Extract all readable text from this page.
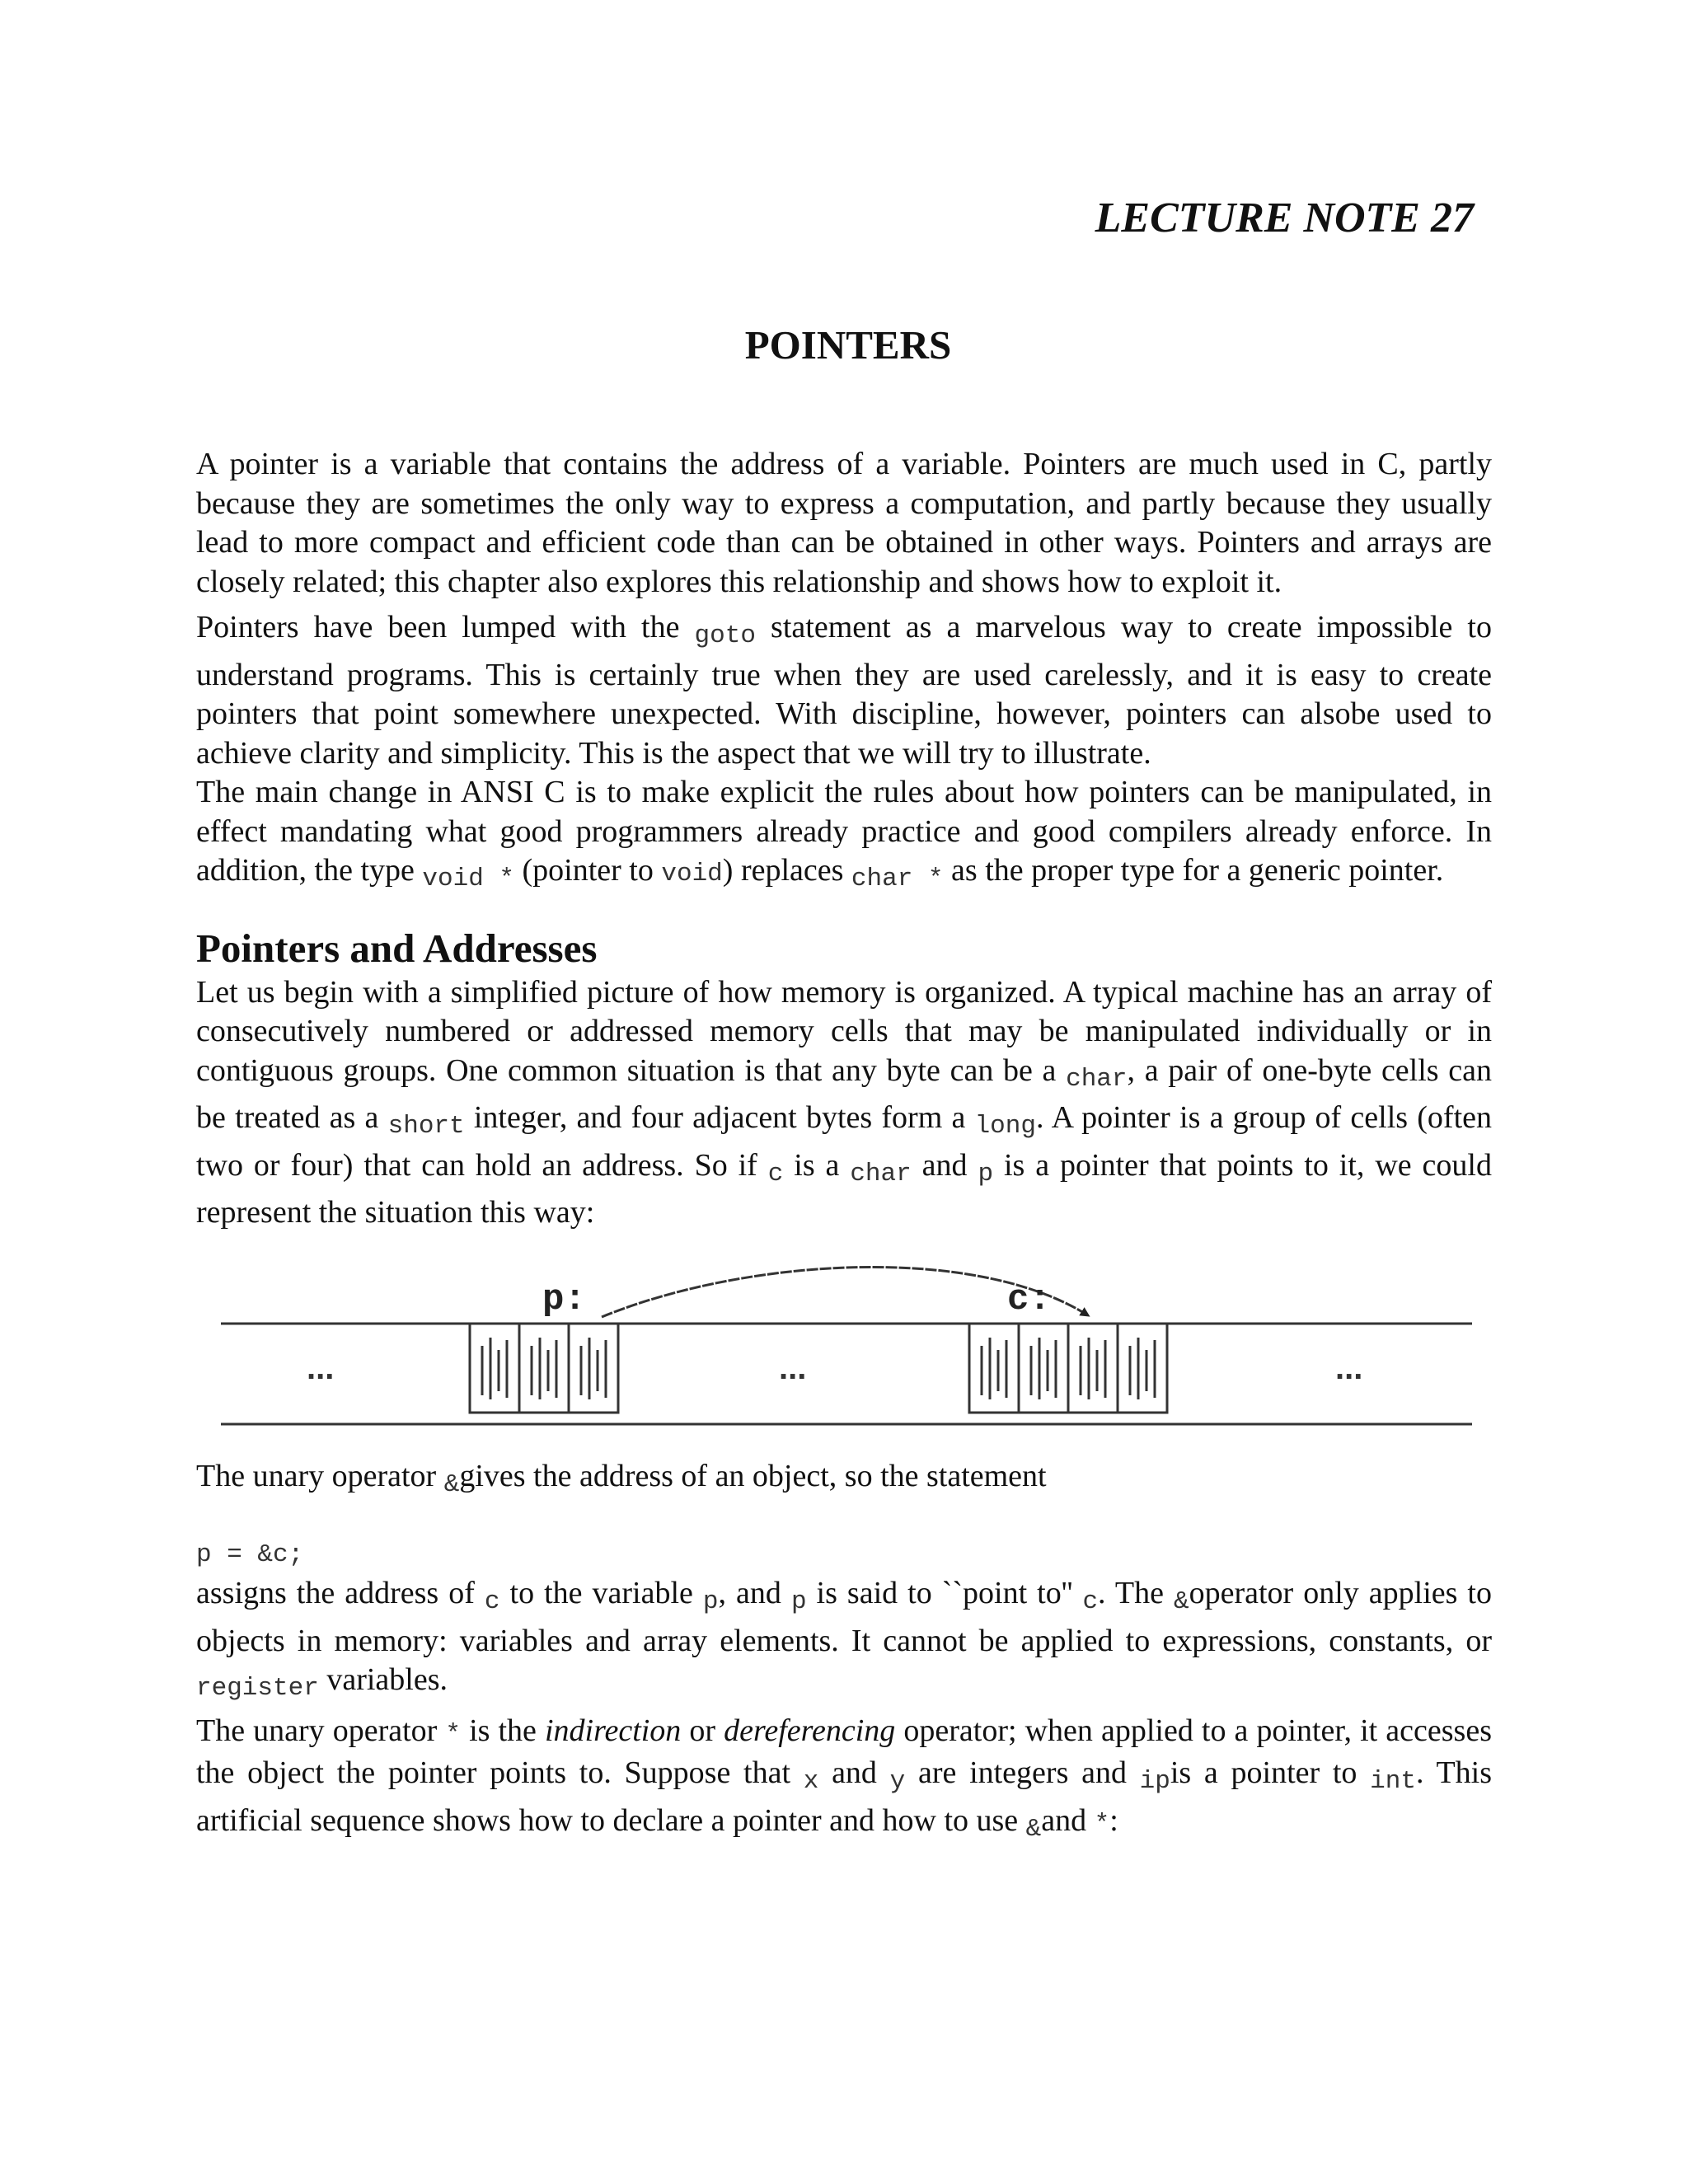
LECTURE NOTE 27
POINTERS

A pointer is a variable that contains the address of a variable. Pointers are much used in C, partly because they are sometimes the only way to express a computation, and partly because they usually lead to more compact and efficient code than can be obtained in other ways. Pointers and arrays are closely related; this chapter also explores this relationship and shows how to exploit it.

Pointers have been lumped with the goto statement as a marvelous way to create impossible to understand programs. This is certainly true when they are used carelessly, and it is easy to create pointers that point somewhere unexpected. With discipline, however, pointers can alsobe used to achieve clarity and simplicity. This is the aspect that we will try to illustrate.

The main change in ANSI C is to make explicit the rules about how pointers can be manipulated, in effect mandating what good programmers already practice and good compilers already enforce. In addition, the type void * (pointer to void) replaces char * as the proper type for a generic pointer.

Pointers and Addresses

Let us begin with a simplified picture of how memory is organized. A typical machine has an array of consecutively numbered or addressed memory cells that may be manipulated individually or in contiguous groups. One common situation is that any byte can be a char, a pair of one-byte cells can be treated as a short integer, and four adjacent bytes form a long. A pointer is a group of cells (often two or four) that can hold an address. So if c is a char and p is a pointer that points to it, we could represent the situation this way:

p:	c:
...	...	...

The unary operator &gives the address of an object, so the statement

p = &c;

assigns the address of c to the variable p, and p is said to ``point to'' c. The &operator only applies to objects in memory: variables and array elements. It cannot be applied to expressions, constants, or register variables.

The unary operator * is the indirection or dereferencing operator; when applied to a pointer, it accesses the object the pointer points to. Suppose that x and y are integers and ipis a pointer to int. This artificial sequence shows how to declare a pointer and how to use &and *:
